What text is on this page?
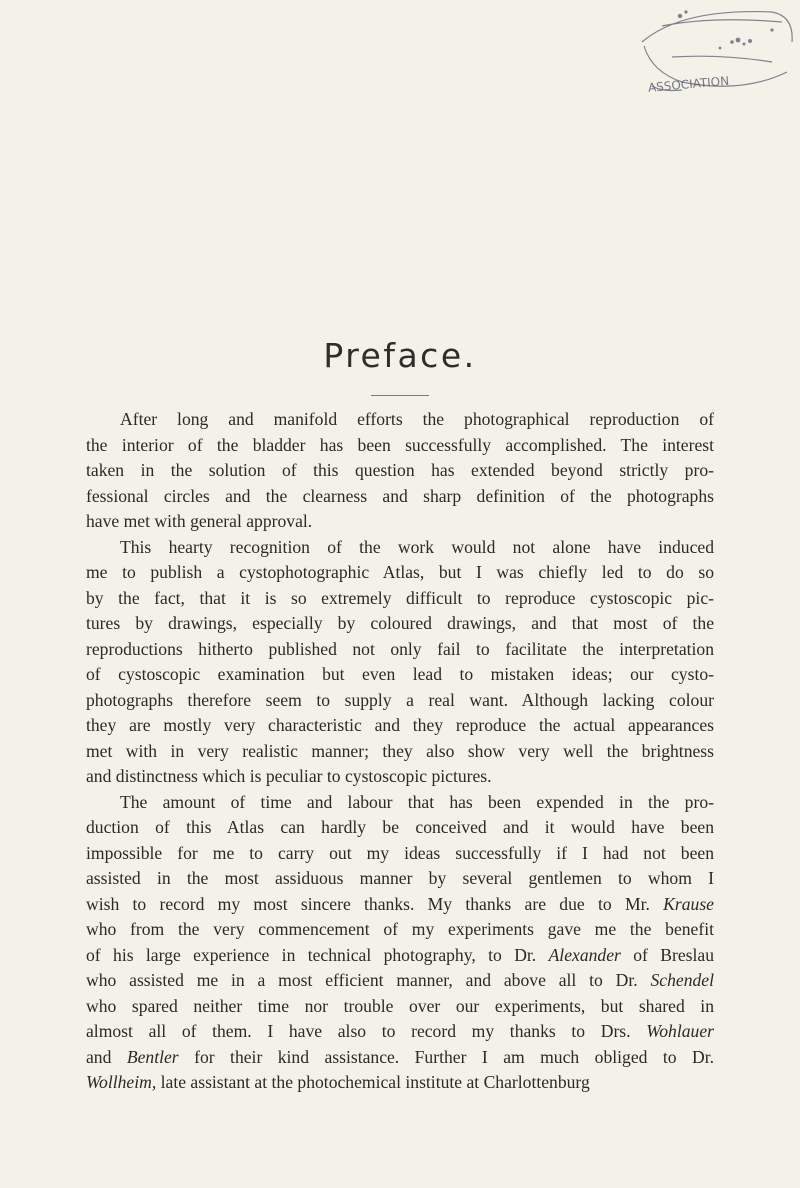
ASSOCIATION
Preface.
After long and manifold efforts the photographical reproduction of
the interior of the bladder has been successfully accomplished. The interest
taken in the solution of this question has extended beyond strictly pro-
fessional circles and the clearness and sharp definition of the photographs
have met with general approval.
This hearty recognition of the work would not alone have induced
me to publish a cystophotographic Atlas, but I was chiefly led to do so
by the fact, that it is so extremely difficult to reproduce cystoscopic pic-
tures by drawings, especially by coloured drawings, and that most of the
reproductions hitherto published not only fail to facilitate the interpretation
of cystoscopic examination but even lead to mistaken ideas; our cysto-
photographs therefore seem to supply a real want. Although lacking colour
they are mostly very characteristic and they reproduce the actual appearances
met with in very realistic manner; they also show very well the brightness
and distinctness which is peculiar to cystoscopic pictures.
The amount of time and labour that has been expended in the pro-
duction of this Atlas can hardly be conceived and it would have been
impossible for me to carry out my ideas successfully if I had not been
assisted in the most assiduous manner by several gentlemen to whom I
wish to record my most sincere thanks. My thanks are due to Mr. Krause
who from the very commencement of my experiments gave me the benefit
of his large experience in technical photography, to Dr. Alexander of Breslau
who assisted me in a most efficient manner, and above all to Dr. Schendel
who spared neither time nor trouble over our experiments, but shared in
almost all of them. I have also to record my thanks to Drs. Wohlauer
and Bentler for their kind assistance. Further I am much obliged to Dr.
Wollheim, late assistant at the photochemical institute at Charlottenburg
